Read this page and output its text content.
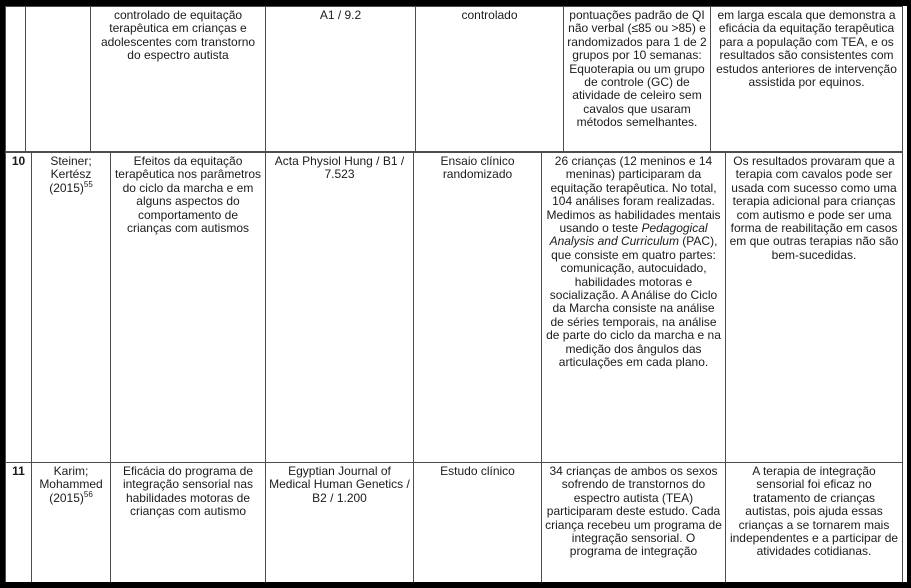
		controlado de equitação terapêutica em crianças e adolescentes com transtorno do espectro autista	A1 / 9.2	controlado	pontuações padrão de QI não verbal (≤85 ou >85) e randomizados para 1 de 2 grupos por 10 semanas: Equoterapia ou um grupo de controle (GC) de atividade de celeiro sem cavalos que usaram métodos semelhantes.	em larga escala que demonstra a eficácia da equitação terapêutica para a população com TEA, e os resultados são consistentes com estudos anteriores de intervenção assistida por equinos.
10	Steiner; Kertész $(2015)^{55}$	Efeitos da equitação terapêutica nos parâmetros do ciclo da marcha e em alguns aspectos do comportamento de crianças com autismos	Acta Physiol Hung / B1 / 7.523	Ensaio clínico randomizado	26 crianças (12 meninos e 14 meninas) participaram da equitação terapêutica. No total, 104 análises foram realizadas. Medimos as habilidades mentais usando o teste Pedagogical Analysis and Curriculum (PAC), que consiste em quatro partes: comunicação, autocuidado, habilidades motoras e socialização. A Análise do Ciclo da Marcha consiste na análise de séries temporais, na análise de parte do ciclo da marcha e na medição dos ângulos das articulações em cada plano.	Os resultados provaram que a terapia com cavalos pode ser usada com sucesso como uma terapia adicional para crianças com autismo e pode ser uma forma de reabilitação em casos em que outras terapias não são bem-sucedidas.
11	Karim; Mohammed $(2015)^{56}$	Eficácia do programa de integração sensorial nas habilidades motoras de crianças com autismo	Egyptian Journal of Medical Human Genetics / B2 / 1.200	Estudo clínico	34 crianças de ambos os sexos sofrendo de transtornos do espectro autista (TEA) participaram deste estudo. Cada criança recebeu um programa de integração sensorial. O programa de integração	A terapia de integração sensorial foi eficaz no tratamento de crianças autistas, pois ajuda essas crianças a se tornarem mais independentes e a participar de atividades cotidianas.
